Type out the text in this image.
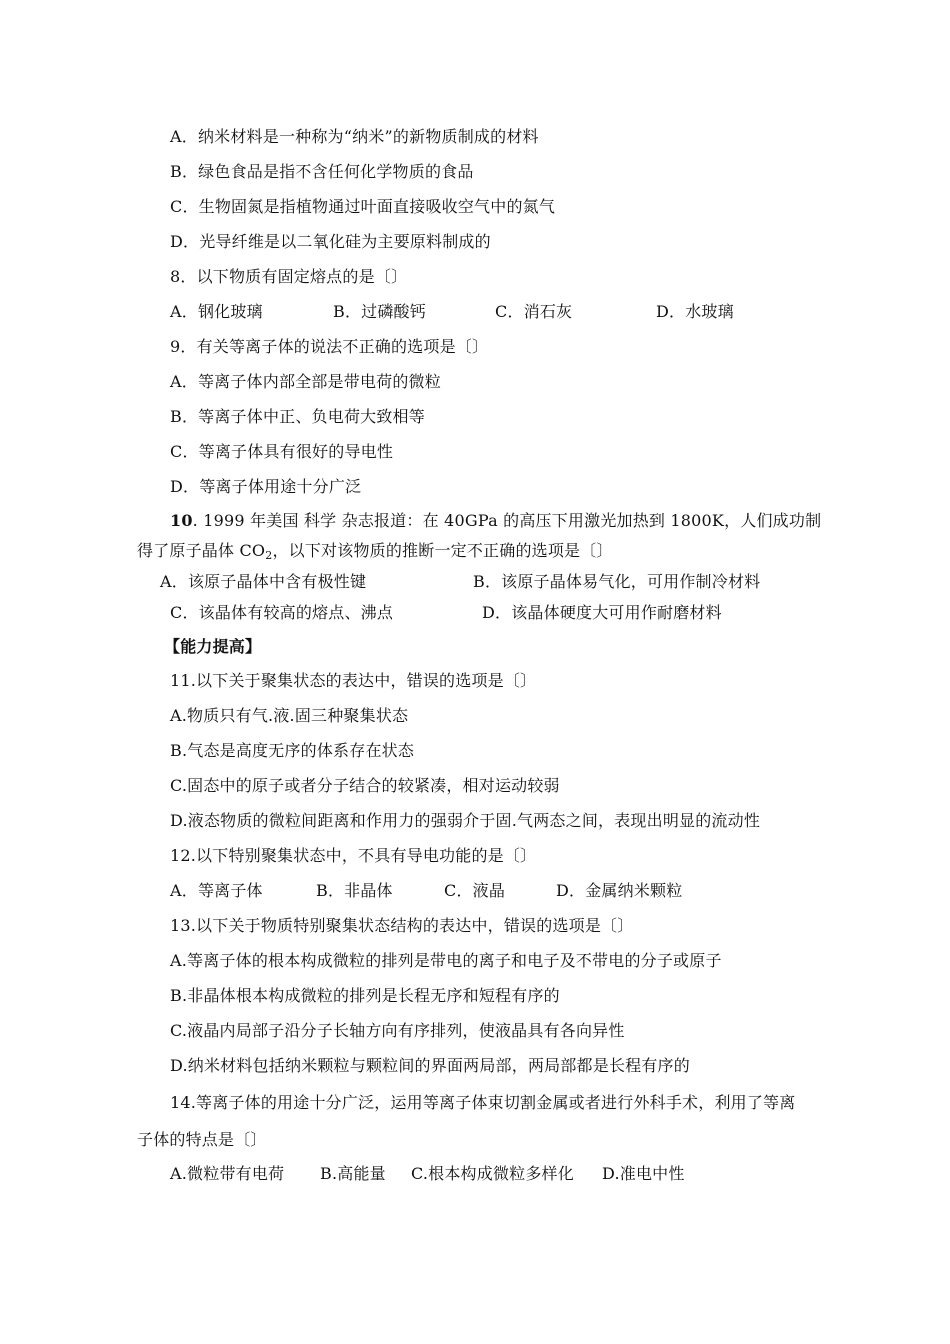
A．纳米材料是一种称为“纳米”的新物质制成的材料
B．绿色食品是指不含任何化学物质的食品
C．生物固氮是指植物通过叶面直接吸收空气中的氮气
D．光导纤维是以二氧化硅为主要原料制成的
8．以下物质有固定熔点的是〔〕
A．钢化玻璃	B．过磷酸钙	C．消石灰	D．水玻璃
9．有关等离子体的说法不正确的选项是〔〕
A．等离子体内部全部是带电荷的微粒
B．等离子体中正、负电荷大致相等
C．等离子体具有很好的导电性
D．等离子体用途十分广泛
10. 1999 年美国 科学 杂志报道：在 40GPa 的高压下用激光加热到 1800K，人们成功制
得了原子晶体 $CO_2$，以下对该物质的推断一定不正确的选项是〔〕
A．该原子晶体中含有极性键	B．该原子晶体易气化，可用作制冷材料
C．该晶体有较高的熔点、沸点	D．该晶体硬度大可用作耐磨材料
【能力提高】
11.以下关于聚集状态的表达中，错误的选项是〔〕
A.物质只有气.液.固三种聚集状态
B.气态是高度无序的体系存在状态
C.固态中的原子或者分子结合的较紧凑，相对运动较弱
D.液态物质的微粒间距离和作用力的强弱介于固.气两态之间，表现出明显的流动性
12.以下特别聚集状态中，不具有导电功能的是〔〕
A．等离子体	B．非晶体	C．液晶	D．金属纳米颗粒
13.以下关于物质特别聚集状态结构的表达中，错误的选项是〔〕
A.等离子体的根本构成微粒的排列是带电的离子和电子及不带电的分子或原子
B.非晶体根本构成微粒的排列是长程无序和短程有序的
C.液晶内局部子沿分子长轴方向有序排列，使液晶具有各向异性
D.纳米材料包括纳米颗粒与颗粒间的界面两局部，两局部都是长程有序的
14.等离子体的用途十分广泛，运用等离子体束切割金属或者进行外科手术，利用了等离
子体的特点是〔〕
A.微粒带有电荷 B.高能量 C.根本构成微粒多样化 D.准电中性
